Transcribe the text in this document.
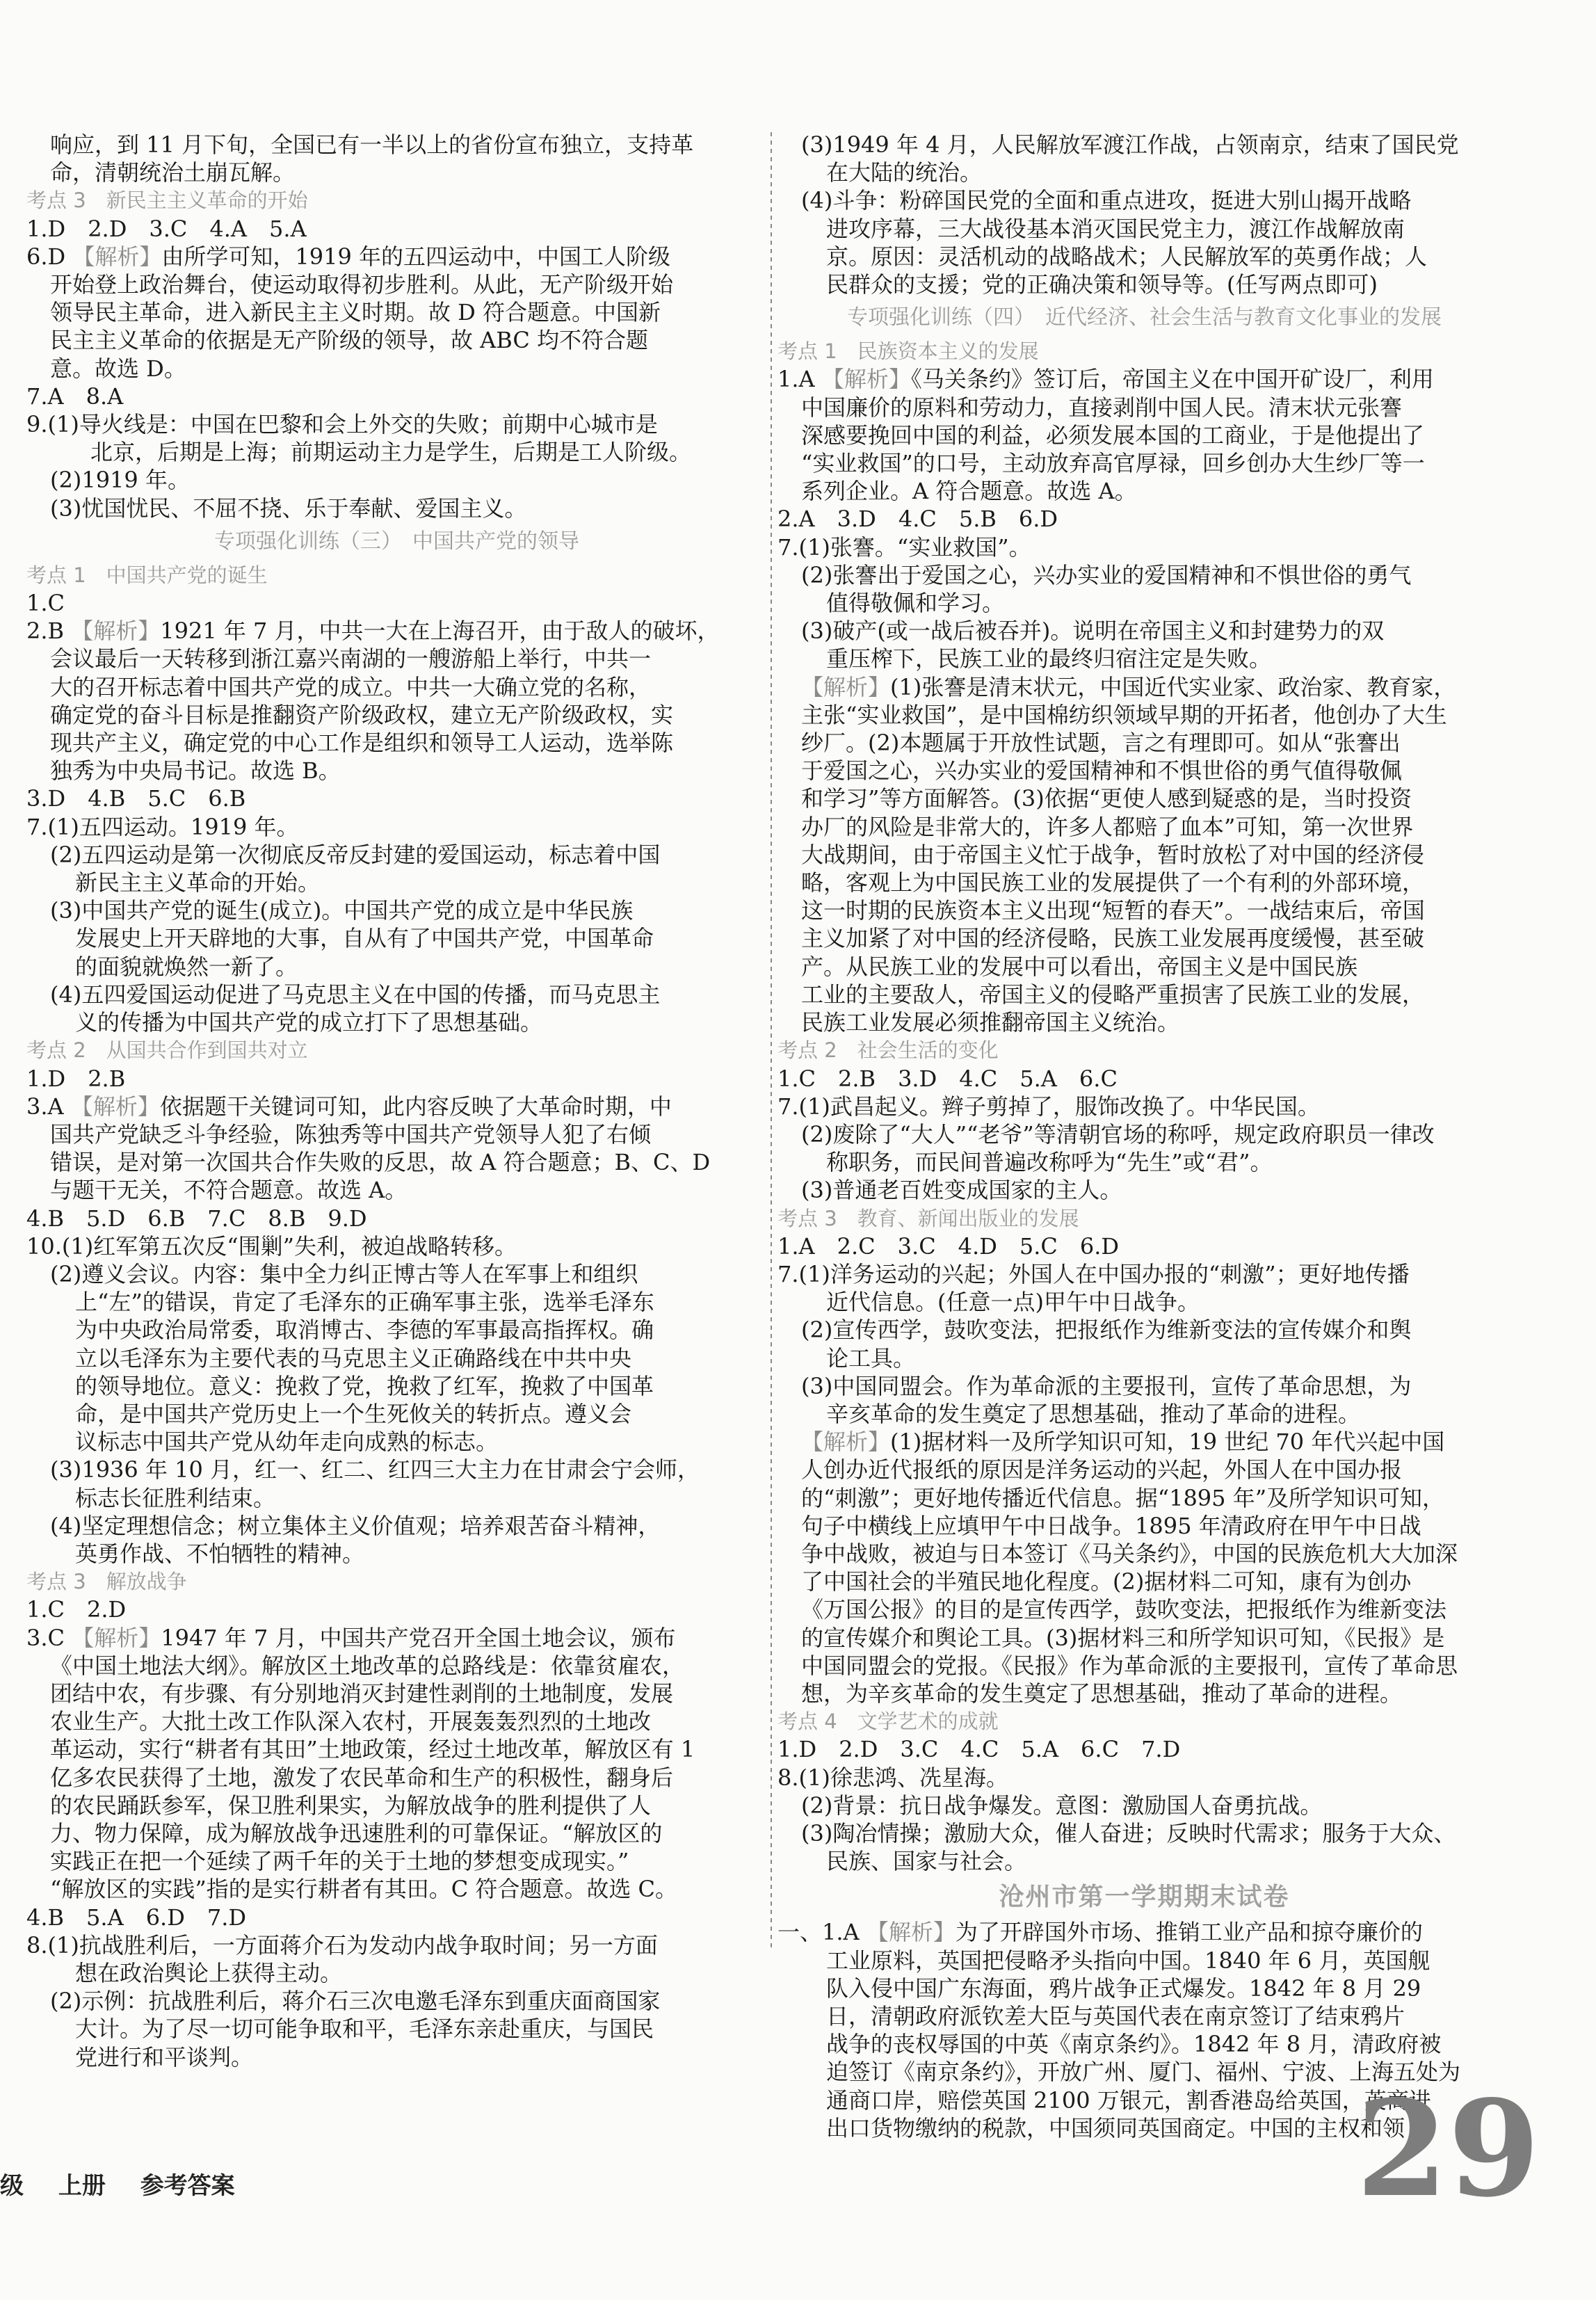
响应，到 11 月下旬，全国已有一半以上的省份宣布独立，支持革
命，清朝统治土崩瓦解。
考点 3　新民主主义革命的开始
1.D　2.D　3.C　4.A　5.A
6.D 【解析】由所学可知，1919 年的五四运动中，中国工人阶级
开始登上政治舞台，使运动取得初步胜利。从此，无产阶级开始
领导民主革命，进入新民主主义时期。故 D 符合题意。中国新
民主主义革命的依据是无产阶级的领导，故 ABC 均不符合题
意。故选 D。
7.A　8.A
9.(1)导火线是：中国在巴黎和会上外交的失败；前期中心城市是
北京，后期是上海；前期运动主力是学生，后期是工人阶级。
(2)1919 年。
(3)忧国忧民、不屈不挠、乐于奉献、爱国主义。
专项强化训练（三）　中国共产党的领导
考点 1　中国共产党的诞生
1.C
2.B 【解析】1921 年 7 月，中共一大在上海召开，由于敌人的破坏，
会议最后一天转移到浙江嘉兴南湖的一艘游船上举行，中共一
大的召开标志着中国共产党的成立。中共一大确立党的名称，
确定党的奋斗目标是推翻资产阶级政权，建立无产阶级政权，实
现共产主义，确定党的中心工作是组织和领导工人运动，选举陈
独秀为中央局书记。故选 B。
3.D　4.B　5.C　6.B
7.(1)五四运动。1919 年。
(2)五四运动是第一次彻底反帝反封建的爱国运动，标志着中国
新民主主义革命的开始。
(3)中国共产党的诞生(成立)。中国共产党的成立是中华民族
发展史上开天辟地的大事，自从有了中国共产党，中国革命
的面貌就焕然一新了。
(4)五四爱国运动促进了马克思主义在中国的传播，而马克思主
义的传播为中国共产党的成立打下了思想基础。
考点 2　从国共合作到国共对立
1.D　2.B
3.A 【解析】依据题干关键词可知，此内容反映了大革命时期，中
国共产党缺乏斗争经验，陈独秀等中国共产党领导人犯了右倾
错误，是对第一次国共合作失败的反思，故 A 符合题意；B、C、D
与题干无关，不符合题意。故选 A。
4.B　5.D　6.B　7.C　8.B　9.D
10.(1)红军第五次反“围剿”失利，被迫战略转移。
(2)遵义会议。内容：集中全力纠正博古等人在军事上和组织
上“左”的错误，肯定了毛泽东的正确军事主张，选举毛泽东
为中央政治局常委，取消博古、李德的军事最高指挥权。确
立以毛泽东为主要代表的马克思主义正确路线在中共中央
的领导地位。意义：挽救了党，挽救了红军，挽救了中国革
命，是中国共产党历史上一个生死攸关的转折点。遵义会
议标志中国共产党从幼年走向成熟的标志。
(3)1936 年 10 月，红一、红二、红四三大主力在甘肃会宁会师，
标志长征胜利结束。
(4)坚定理想信念；树立集体主义价值观；培养艰苦奋斗精神，
英勇作战、不怕牺牲的精神。
考点 3　解放战争
1.C　2.D
3.C 【解析】1947 年 7 月，中国共产党召开全国土地会议，颁布
《中国土地法大纲》。解放区土地改革的总路线是：依靠贫雇农，
团结中农，有步骤、有分别地消灭封建性剥削的土地制度，发展
农业生产。大批土改工作队深入农村，开展轰轰烈烈的土地改
革运动，实行“耕者有其田”土地政策，经过土地改革，解放区有 1
亿多农民获得了土地，激发了农民革命和生产的积极性，翻身后
的农民踊跃参军，保卫胜利果实，为解放战争的胜利提供了人
力、物力保障，成为解放战争迅速胜利的可靠保证。“解放区的
实践正在把一个延续了两千年的关于土地的梦想变成现实。”
“解放区的实践”指的是实行耕者有其田。C 符合题意。故选 C。
4.B　5.A　6.D　7.D
8.(1)抗战胜利后，一方面蒋介石为发动内战争取时间；另一方面
想在政治舆论上获得主动。
(2)示例：抗战胜利后，蒋介石三次电邀毛泽东到重庆面商国家
大计。为了尽一切可能争取和平，毛泽东亲赴重庆，与国民
党进行和平谈判。
(3)1949 年 4 月，人民解放军渡江作战，占领南京，结束了国民党
在大陆的统治。
(4)斗争：粉碎国民党的全面和重点进攻，挺进大别山揭开战略
进攻序幕，三大战役基本消灭国民党主力，渡江作战解放南
京。原因：灵活机动的战略战术；人民解放军的英勇作战；人
民群众的支援；党的正确决策和领导等。(任写两点即可)
专项强化训练（四）　近代经济、社会生活与教育文化事业的发展
考点 1　民族资本主义的发展
1.A 【解析】《马关条约》签订后，帝国主义在中国开矿设厂，利用
中国廉价的原料和劳动力，直接剥削中国人民。清末状元张謇
深感要挽回中国的利益，必须发展本国的工商业，于是他提出了
“实业救国”的口号，主动放弃高官厚禄，回乡创办大生纱厂等一
系列企业。A 符合题意。故选 A。
2.A　3.D　4.C　5.B　6.D
7.(1)张謇。“实业救国”。
(2)张謇出于爱国之心，兴办实业的爱国精神和不惧世俗的勇气
值得敬佩和学习。
(3)破产(或一战后被吞并)。说明在帝国主义和封建势力的双
重压榨下，民族工业的最终归宿注定是失败。
【解析】(1)张謇是清末状元，中国近代实业家、政治家、教育家，
主张“实业救国”，是中国棉纺织领域早期的开拓者，他创办了大生
纱厂。(2)本题属于开放性试题，言之有理即可。如从“张謇出
于爱国之心，兴办实业的爱国精神和不惧世俗的勇气值得敬佩
和学习”等方面解答。(3)依据“更使人感到疑惑的是，当时投资
办厂的风险是非常大的，许多人都赔了血本”可知，第一次世界
大战期间，由于帝国主义忙于战争，暂时放松了对中国的经济侵
略，客观上为中国民族工业的发展提供了一个有利的外部环境，
这一时期的民族资本主义出现“短暂的春天”。一战结束后，帝国
主义加紧了对中国的经济侵略，民族工业发展再度缓慢，甚至破
产。从民族工业的发展中可以看出，帝国主义是中国民族
工业的主要敌人，帝国主义的侵略严重损害了民族工业的发展，
民族工业发展必须推翻帝国主义统治。
考点 2　社会生活的变化
1.C　2.B　3.D　4.C　5.A　6.C
7.(1)武昌起义。辫子剪掉了，服饰改换了。中华民国。
(2)废除了“大人”“老爷”等清朝官场的称呼，规定政府职员一律改
称职务，而民间普遍改称呼为“先生”或“君”。
(3)普通老百姓变成国家的主人。
考点 3　教育、新闻出版业的发展
1.A　2.C　3.C　4.D　5.C　6.D
7.(1)洋务运动的兴起；外国人在中国办报的“刺激”；更好地传播
近代信息。(任意一点)甲午中日战争。
(2)宣传西学，鼓吹变法，把报纸作为维新变法的宣传媒介和舆
论工具。
(3)中国同盟会。作为革命派的主要报刊，宣传了革命思想，为
辛亥革命的发生奠定了思想基础，推动了革命的进程。
【解析】(1)据材料一及所学知识可知，19 世纪 70 年代兴起中国
人创办近代报纸的原因是洋务运动的兴起，外国人在中国办报
的“刺激”；更好地传播近代信息。据“1895 年”及所学知识可知，
句子中横线上应填甲午中日战争。1895 年清政府在甲午中日战
争中战败，被迫与日本签订《马关条约》，中国的民族危机大大加深
了中国社会的半殖民地化程度。(2)据材料二可知，康有为创办
《万国公报》的目的是宣传西学，鼓吹变法，把报纸作为维新变法
的宣传媒介和舆论工具。(3)据材料三和所学知识可知，《民报》是
中国同盟会的党报。《民报》作为革命派的主要报刊，宣传了革命思
想，为辛亥革命的发生奠定了思想基础，推动了革命的进程。
考点 4　文学艺术的成就
1.D　2.D　3.C　4.C　5.A　6.C　7.D
8.(1)徐悲鸿、冼星海。
(2)背景：抗日战争爆发。意图：激励国人奋勇抗战。
(3)陶冶情操；激励大众，催人奋进；反映时代需求；服务于大众、
民族、国家与社会。
沧州市第一学期期末试卷
一、1.A 【解析】为了开辟国外市场、推销工业产品和掠夺廉价的
工业原料，英国把侵略矛头指向中国。1840 年 6 月，英国舰
队入侵中国广东海面，鸦片战争正式爆发。1842 年 8 月 29
日，清朝政府派钦差大臣与英国代表在南京签订了结束鸦片
战争的丧权辱国的中英《南京条约》。1842 年 8 月，清政府被
迫签订《南京条约》，开放广州、厦门、福州、宁波、上海五处为
通商口岸，赔偿英国 2100 万银元，割香港岛给英国，英商进
出口货物缴纳的税款，中国须同英国商定。中国的主权和领
级 上册 参考答案	29
